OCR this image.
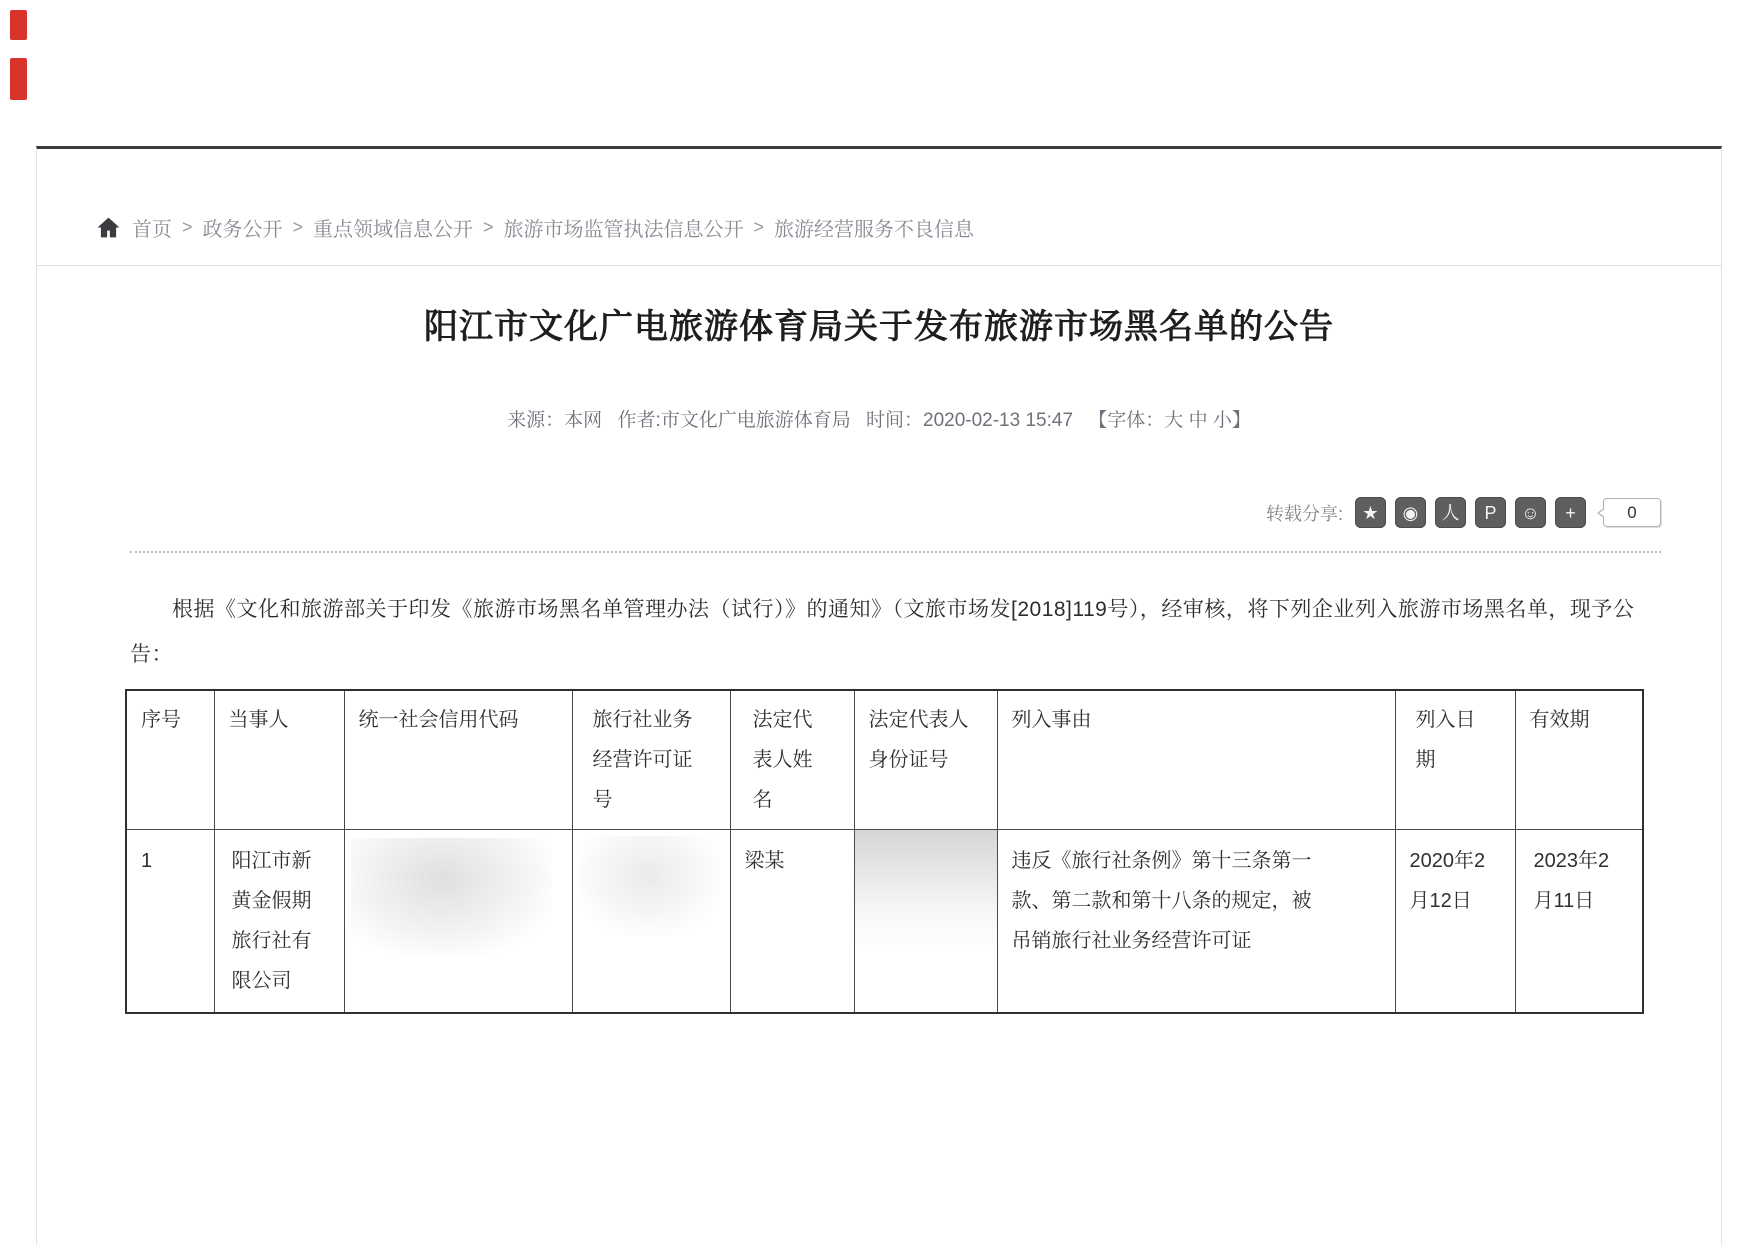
首页 > 政务公开 > 重点领域信息公开 > 旅游市场监管执法信息公开 > 旅游经营服务不良信息
阳江市文化广电旅游体育局关于发布旅游市场黑名单的公告
来源：本网 作者:市文化广电旅游体育局 时间：2020-02-13 15:47 【字体：大 中 小】
转载分享:	★	◉	人	P	☺	+	0

根据《文化和旅游部关于印发《旅游市场黑名单管理办法（试行）》的通知》（文旅市场发[2018]119号），经审核，将下列企业列入旅游市场黑名单，现予公告：

序号	当事人	统一社会信用代码	旅行社业务经营许可证号	法定代表人姓名	法定代表人身份证号	列入事由	列入日期	有效期
1	阳江市新黄金假期旅行社有限公司			梁某		违反《旅行社条例》第十三条第一款、第二款和第十八条的规定，被吊销旅行社业务经营许可证	2020年2月12日	2023年2月11日
